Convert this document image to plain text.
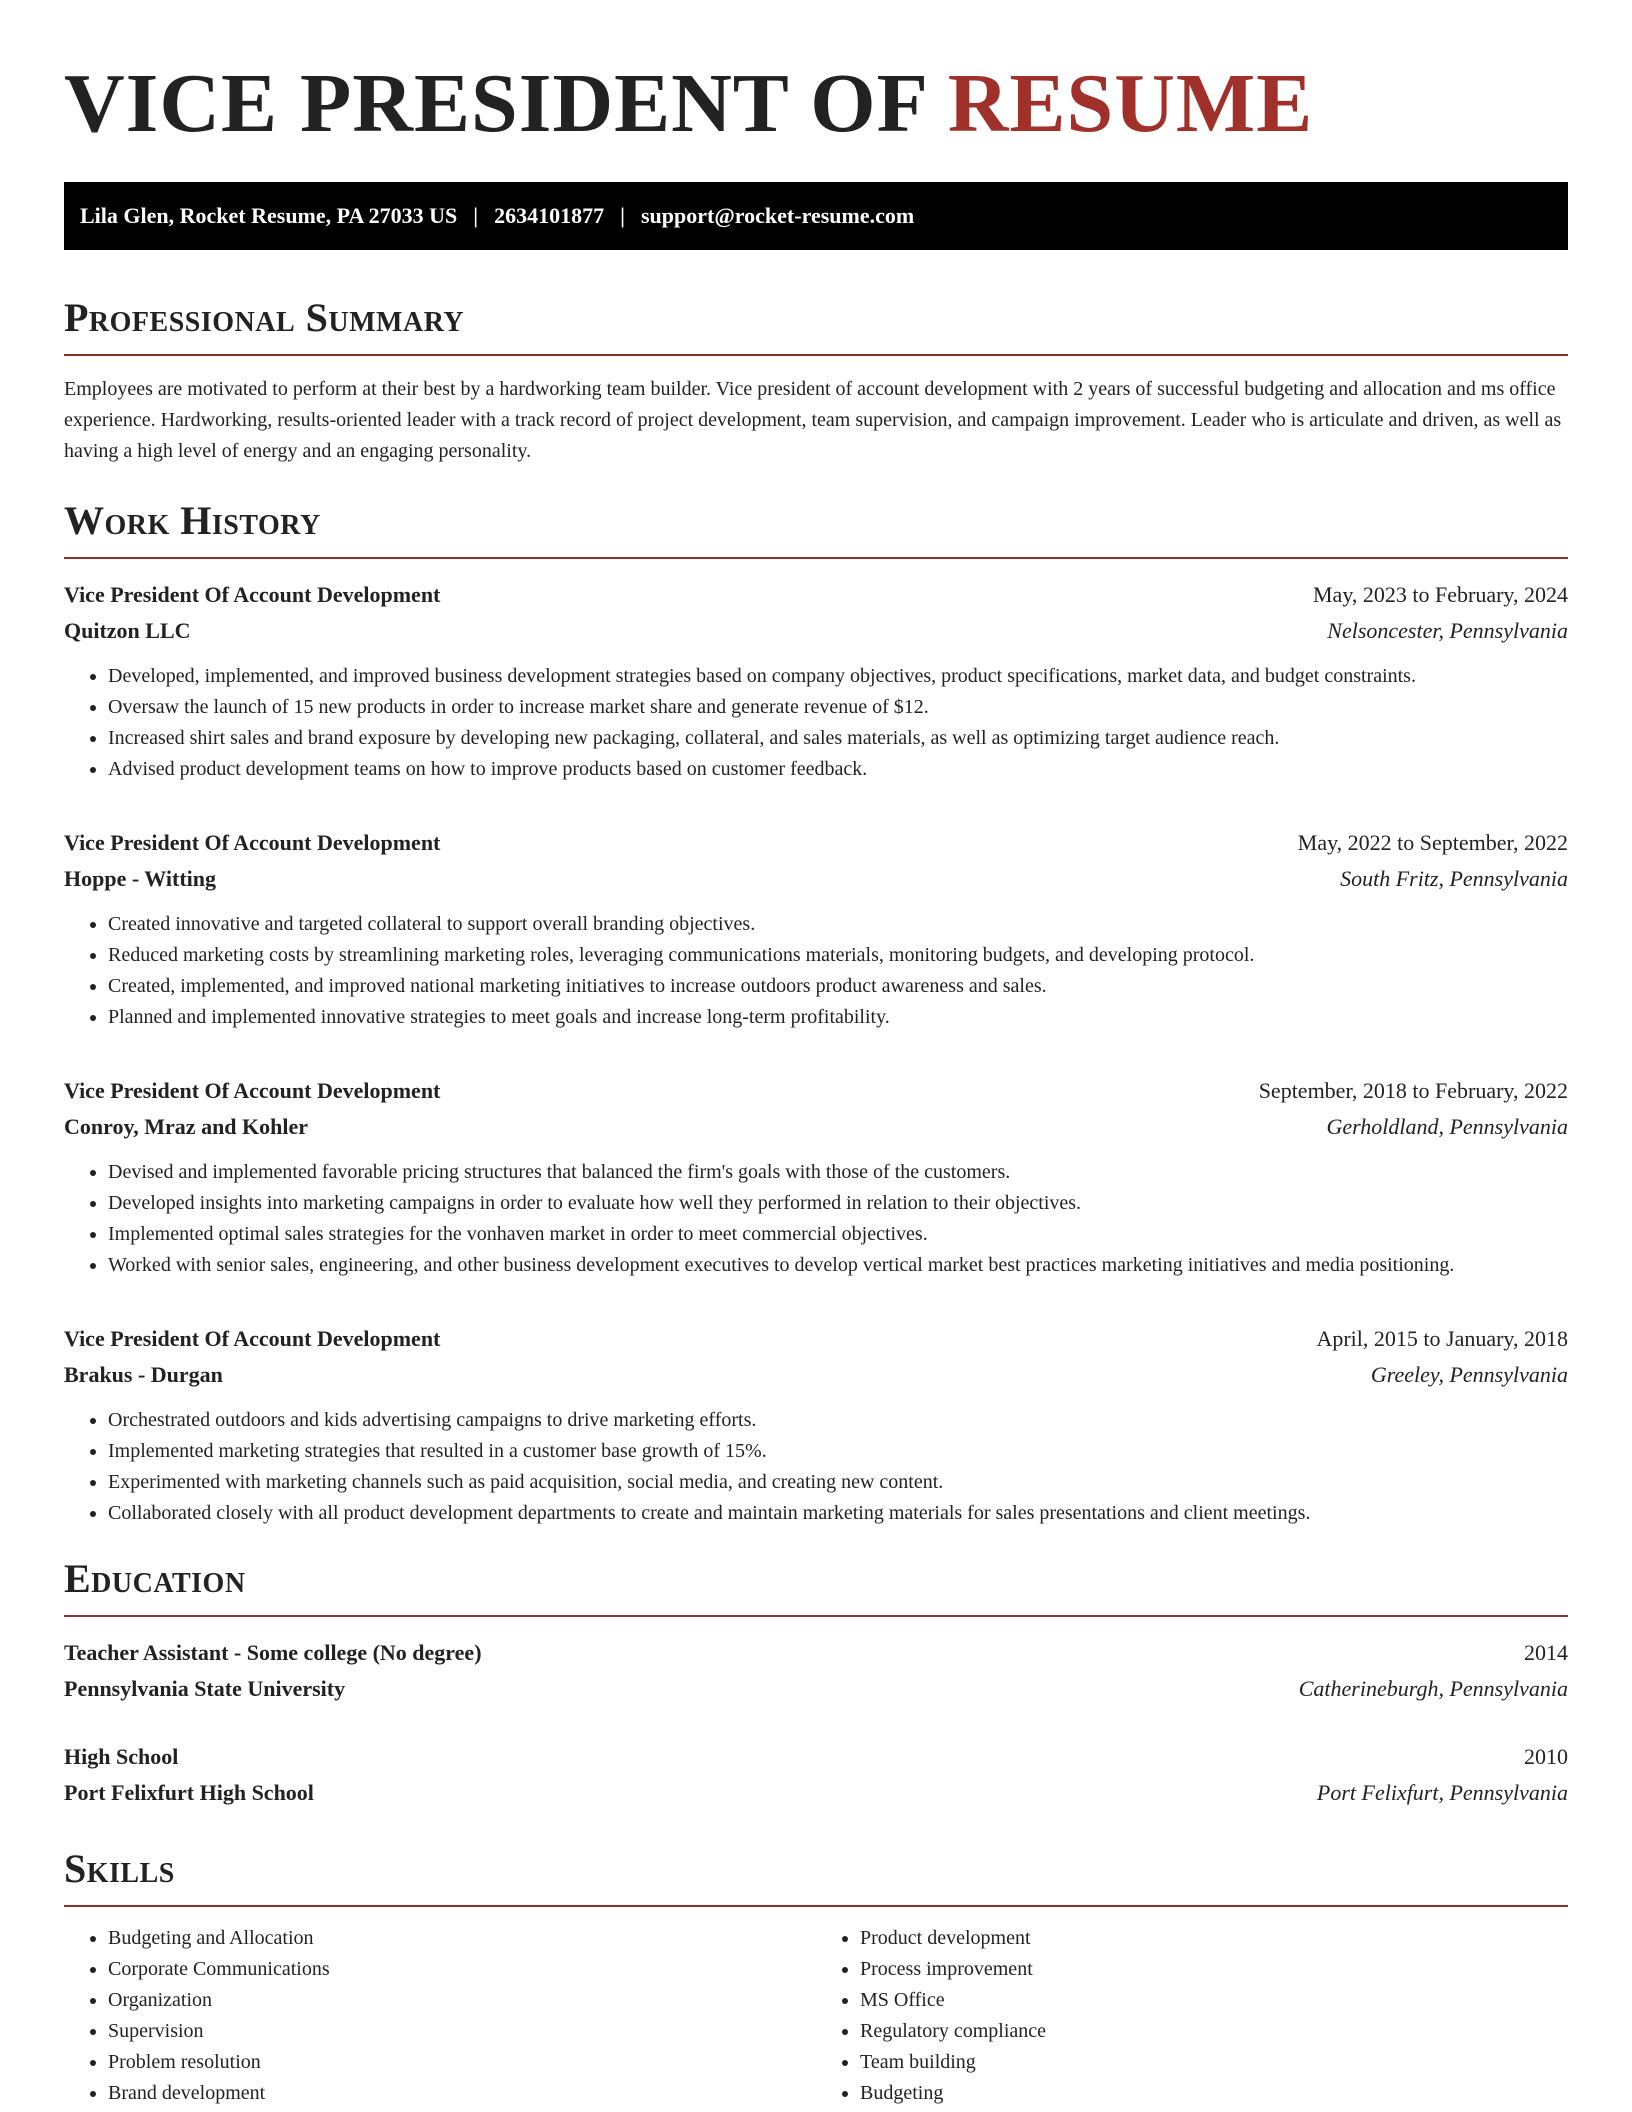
VICE PRESIDENT OF RESUME
Lila Glen, Rocket Resume, PA 27033 US | 2634101877 | support@rocket-resume.com
Professional Summary

Employees are motivated to perform at their best by a hardworking team builder. Vice president of account development with 2 years of successful budgeting and allocation and ms office experience. Hardworking, results-oriented leader with a track record of project development, team supervision, and campaign improvement. Leader who is articulate and driven, as well as having a high level of energy and an engaging personality.

Work History
Vice President Of Account Development	May, 2023 to February, 2024
Quitzon LLC	Nelsoncester, Pennsylvania
• Developed, implemented, and improved business development strategies based on company objectives, product specifications, market data, and budget constraints.
• Oversaw the launch of 15 new products in order to increase market share and generate revenue of $12.
• Increased shirt sales and brand exposure by developing new packaging, collateral, and sales materials, as well as optimizing target audience reach.
• Advised product development teams on how to improve products based on customer feedback.
Vice President Of Account Development	May, 2022 to September, 2022
Hoppe - Witting	South Fritz, Pennsylvania
• Created innovative and targeted collateral to support overall branding objectives.
• Reduced marketing costs by streamlining marketing roles, leveraging communications materials, monitoring budgets, and developing protocol.
• Created, implemented, and improved national marketing initiatives to increase outdoors product awareness and sales.
• Planned and implemented innovative strategies to meet goals and increase long-term profitability.
Vice President Of Account Development	September, 2018 to February, 2022
Conroy, Mraz and Kohler	Gerholdland, Pennsylvania
• Devised and implemented favorable pricing structures that balanced the firm's goals with those of the customers.
• Developed insights into marketing campaigns in order to evaluate how well they performed in relation to their objectives.
• Implemented optimal sales strategies for the vonhaven market in order to meet commercial objectives.
• Worked with senior sales, engineering, and other business development executives to develop vertical market best practices marketing initiatives and media positioning.
Vice President Of Account Development	April, 2015 to January, 2018
Brakus - Durgan	Greeley, Pennsylvania
• Orchestrated outdoors and kids advertising campaigns to drive marketing efforts.
• Implemented marketing strategies that resulted in a customer base growth of 15%.
• Experimented with marketing channels such as paid acquisition, social media, and creating new content.
• Collaborated closely with all product development departments to create and maintain marketing materials for sales presentations and client meetings.
Education
Teacher Assistant - Some college (No degree)	2014
Pennsylvania State University	Catherineburgh, Pennsylvania
High School	2010
Port Felixfurt High School	Port Felixfurt, Pennsylvania
Skills
• Budgeting and Allocation
• Corporate Communications
• Organization
• Supervision
• Problem resolution
• Brand development
• Product development
• Process improvement
• MS Office
• Regulatory compliance
• Team building
• Budgeting
